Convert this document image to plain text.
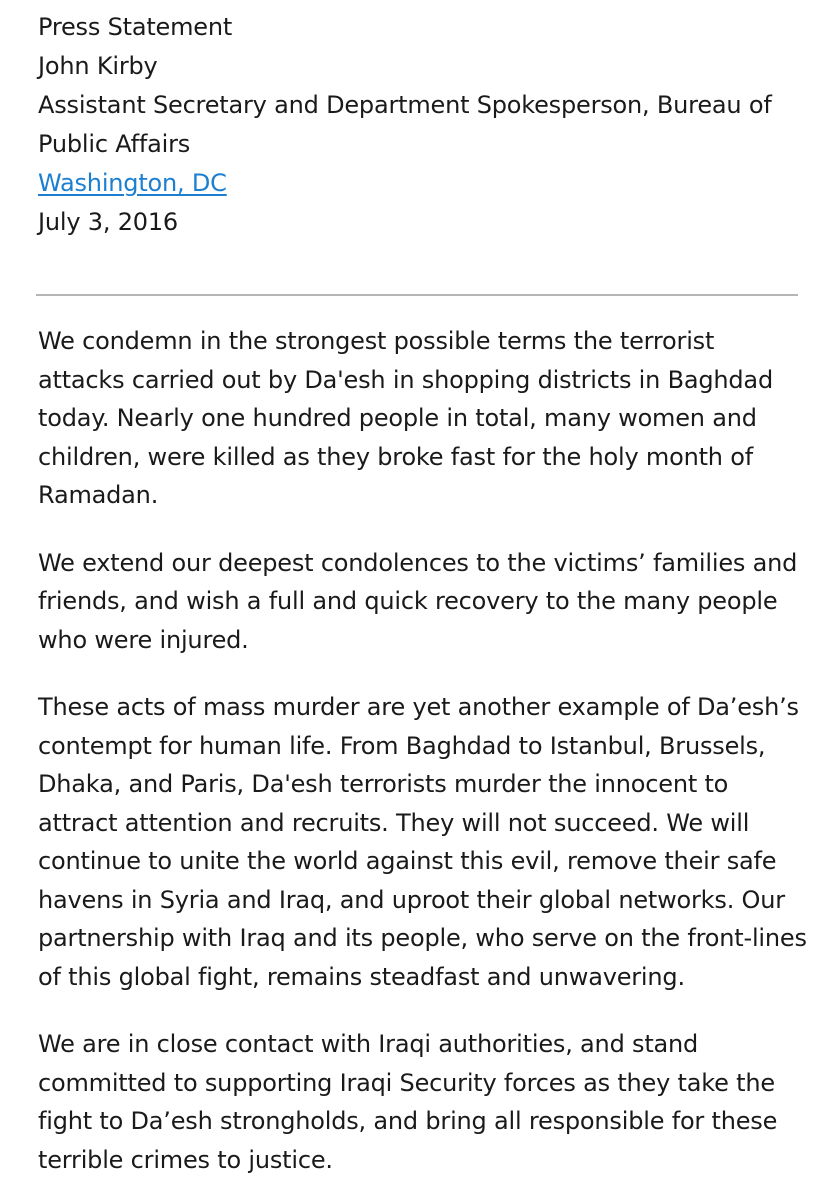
Press Statement

John Kirby

Assistant Secretary and Department Spokesperson, Bureau of

Public Affairs

Washington, DC

July 3, 2016

We condemn in the strongest possible terms the terrorist attacks carried out by Da'esh in shopping districts in Baghdad today. Nearly one hundred people in total, many women and children, were killed as they broke fast for the holy month of Ramadan.

We extend our deepest condolences to the victims’ families and friends, and wish a full and quick recovery to the many people who were injured.

These acts of mass murder are yet another example of Da’esh’s contempt for human life. From Baghdad to Istanbul, Brussels, Dhaka, and Paris, Da'esh terrorists murder the innocent to attract attention and recruits. They will not succeed. We will continue to unite the world against this evil, remove their safe havens in Syria and Iraq, and uproot their global networks. Our partnership with Iraq and its people, who serve on the front-lines of this global fight, remains steadfast and unwavering.

We are in close contact with Iraqi authorities, and stand committed to supporting Iraqi Security forces as they take the fight to Da’esh strongholds, and bring all responsible for these terrible crimes to justice.
